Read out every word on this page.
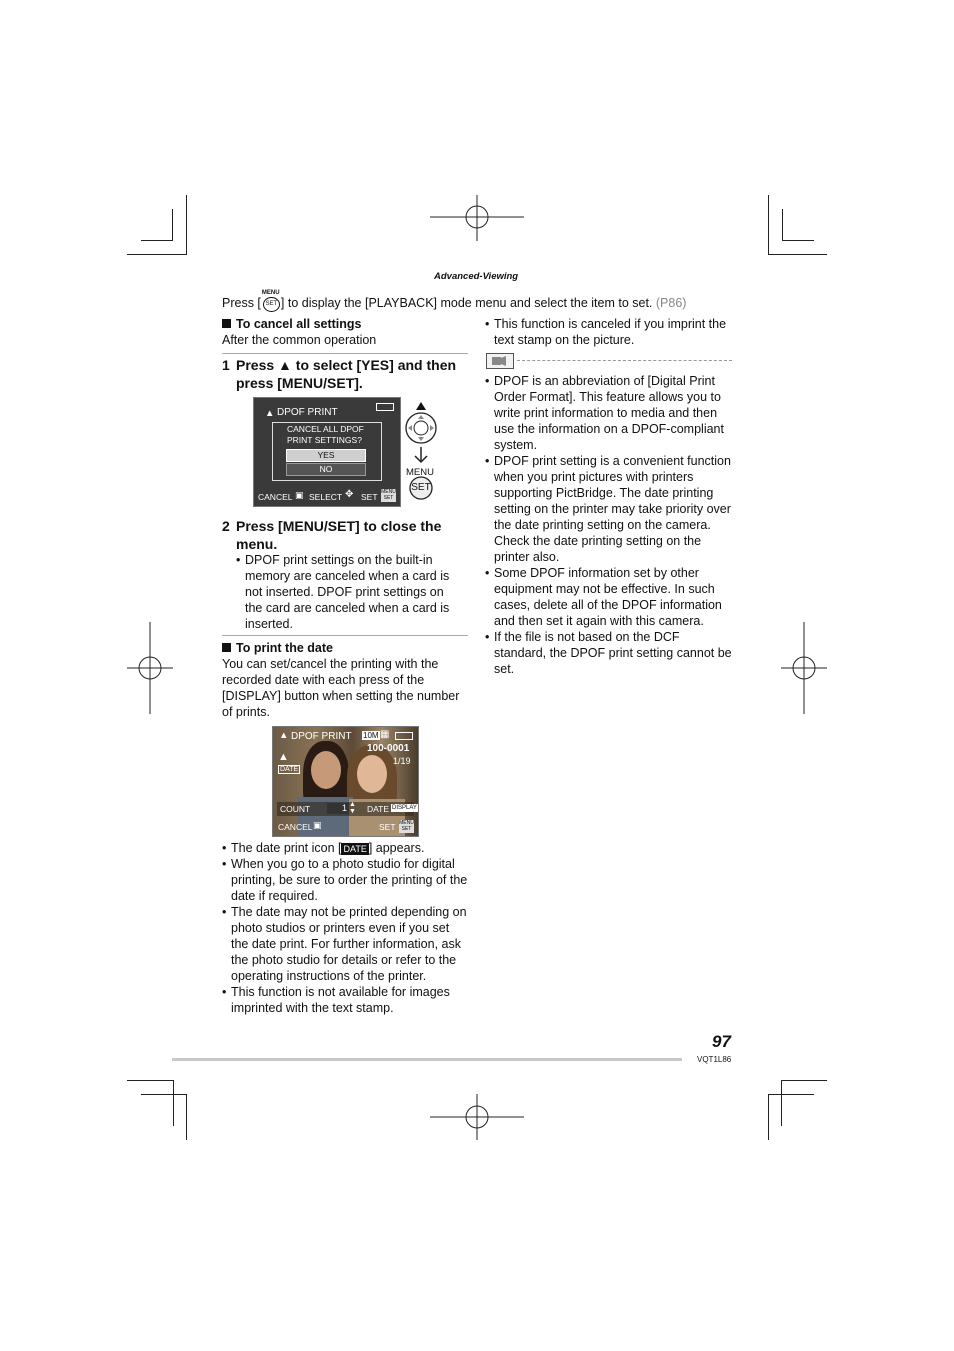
Advanced-Viewing
Press [
MENU
SET ] to display the [PLAYBACK] mode menu and select the item to set. (P86)
To cancel all settings
After the common operation
1 Press ▲ to select [YES] and then press [MENU/SET].
▲ DPOF PRINT
CANCEL ALL DPOF
PRINT SETTINGS?
YES
NO
CANCEL ▣ SELECT ✥ SET MENU
SET
MENU
SET
2 Press [MENU/SET] to close the menu.
• DPOF print settings on the built-in memory are canceled when a card is not inserted. DPOF print settings on the card are canceled when a card is inserted.
To print the date
You can set/cancel the printing with the recorded date with each press of the [DISPLAY] button when setting the number of prints.
▲ DPOF PRINT 10M ▦
100-0001
1/19
▲
DATE
COUNT	1 ▲
▼ DATE DISPLAY
CANCEL ▣	SET MENU
SET
• The date print icon [ DATE ] appears.
• When you go to a photo studio for digital printing, be sure to order the printing of the date if required.
• The date may not be printed depending on photo studios or printers even if you set the date print. For further information, ask the photo studio for details or refer to the operating instructions of the printer.
• This function is not available for images imprinted with the text stamp.
• This function is canceled if you imprint the text stamp on the picture.
• DPOF is an abbreviation of [Digital Print Order Format]. This feature allows you to write print information to media and then use the information on a DPOF-compliant system.
• DPOF print setting is a convenient function when you print pictures with printers supporting PictBridge. The date printing setting on the printer may take priority over the date printing setting on the camera. Check the date printing setting on the printer also.
• Some DPOF information set by other equipment may not be effective. In such cases, delete all of the DPOF information and then set it again with this camera.
• If the file is not based on the DCF standard, the DPOF print setting cannot be set.
97
VQT1L86
